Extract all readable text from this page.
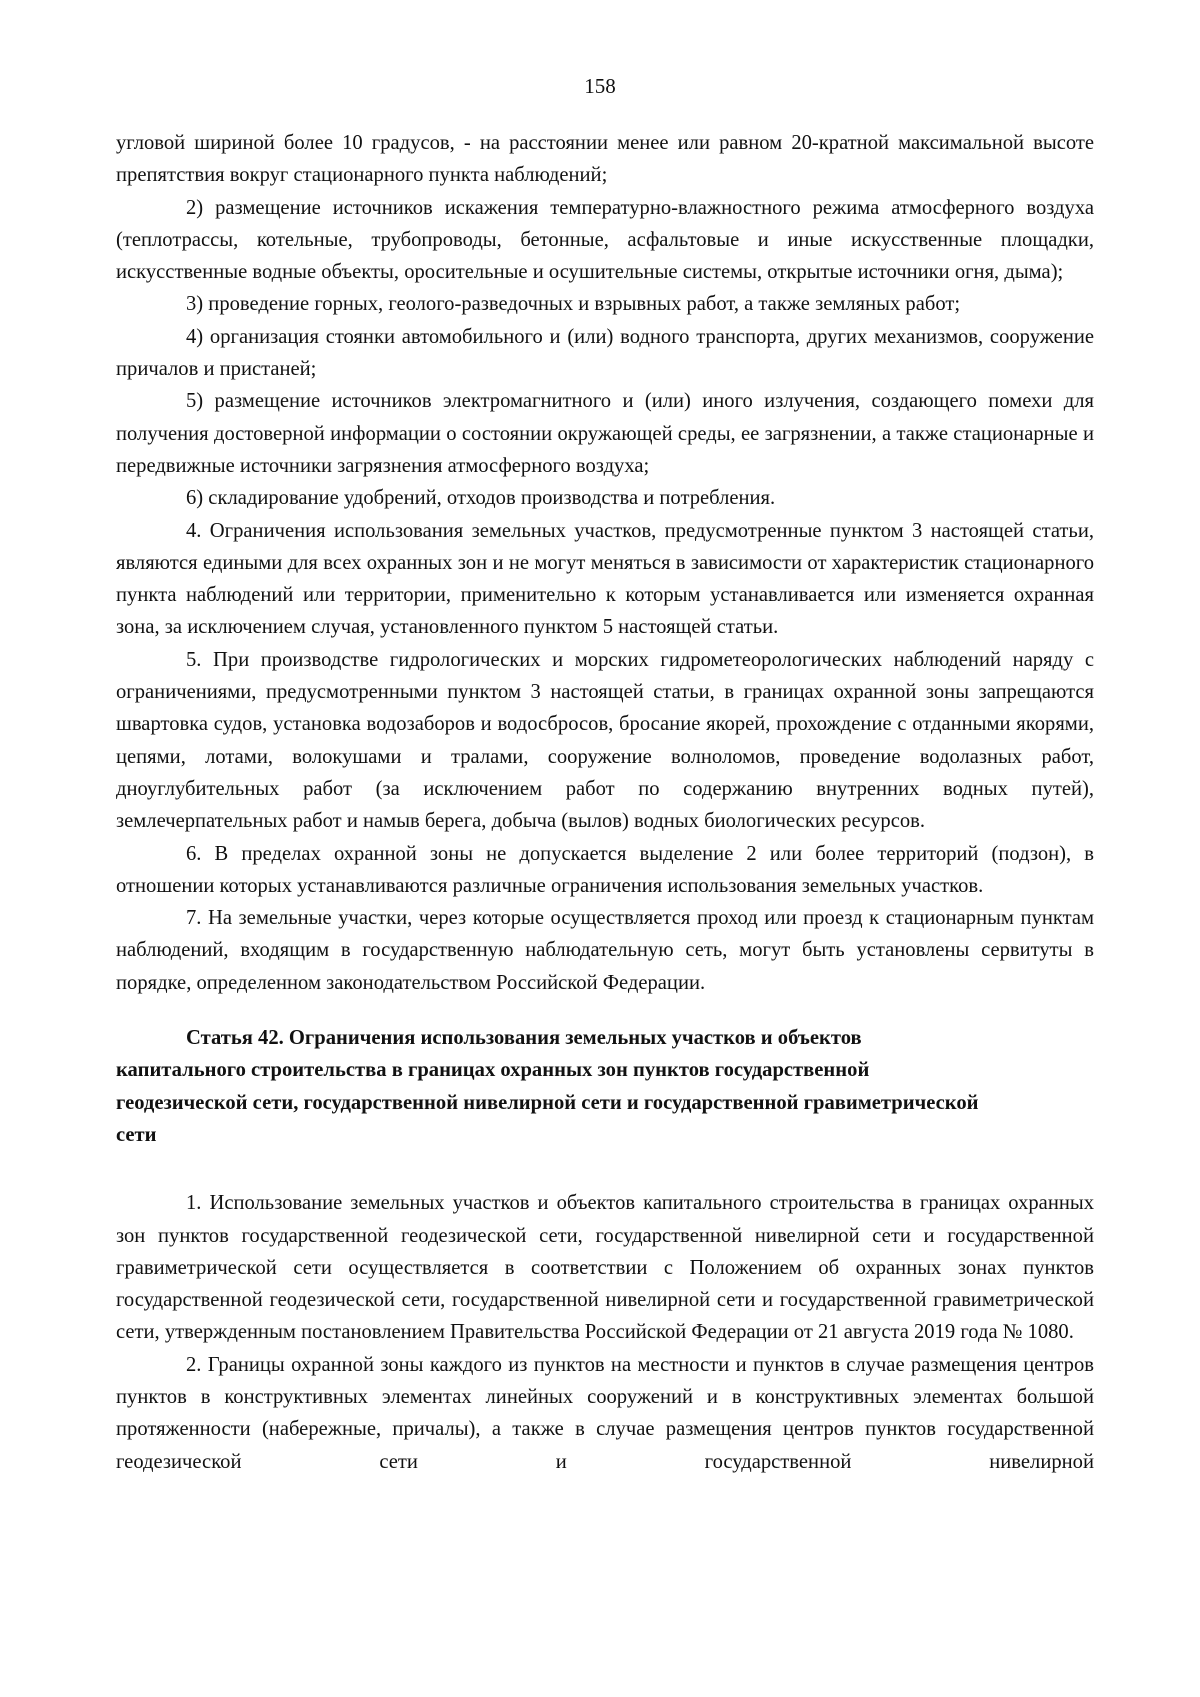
158

угловой шириной более 10 градусов, - на расстоянии менее или равном 20-кратной максимальной высоте препятствия вокруг стационарного пункта наблюдений;

2) размещение источников искажения температурно-влажностного режима атмосферного воздуха (теплотрассы, котельные, трубопроводы, бетонные, асфальтовые и иные искусственные площадки, искусственные водные объекты, оросительные и осушительные системы, открытые источники огня, дыма);

3) проведение горных, геолого-разведочных и взрывных работ, а также земляных работ;

4) организация стоянки автомобильного и (или) водного транспорта, других механизмов, сооружение причалов и пристаней;

5) размещение источников электромагнитного и (или) иного излучения, создающего помехи для получения достоверной информации о состоянии окружающей среды, ее загрязнении, а также стационарные и передвижные источники загрязнения атмосферного воздуха;

6) складирование удобрений, отходов производства и потребления.

4. Ограничения использования земельных участков, предусмотренные пунктом 3 настоящей статьи, являются едиными для всех охранных зон и не могут меняться в зависимости от характеристик стационарного пункта наблюдений или территории, применительно к которым устанавливается или изменяется охранная зона, за исключением случая, установленного пунктом 5 настоящей статьи.

5. При производстве гидрологических и морских гидрометеорологических наблюдений наряду с ограничениями, предусмотренными пунктом 3 настоящей статьи, в границах охранной зоны запрещаются швартовка судов, установка водозаборов и водосбросов, бросание якорей, прохождение с отданными якорями, цепями, лотами, волокушами и тралами, сооружение волноломов, проведение водолазных работ, дноуглубительных работ (за исключением работ по содержанию внутренних водных путей), землечерпательных работ и намыв берега, добыча (вылов) водных биологических ресурсов.

6. В пределах охранной зоны не допускается выделение 2 или более территорий (подзон), в отношении которых устанавливаются различные ограничения использования земельных участков.

7. На земельные участки, через которые осуществляется проход или проезд к стационарным пунктам наблюдений, входящим в государственную наблюдательную сеть, могут быть установлены сервитуты в порядке, определенном законодательством Российской Федерации.

Статья 42. Ограничения использования земельных участков и объектов
капитального строительства в границах охранных зон пунктов государственной
геодезической сети, государственной нивелирной сети и государственной гравиметрической
сети

1. Использование земельных участков и объектов капитального строительства в границах охранных зон пунктов государственной геодезической сети, государственной нивелирной сети и государственной гравиметрической сети осуществляется в соответствии с Положением об охранных зонах пунктов государственной геодезической сети, государственной нивелирной сети и государственной гравиметрической сети, утвержденным постановлением Правительства Российской Федерации от 21 августа 2019 года № 1080.

2. Границы охранной зоны каждого из пунктов на местности и пунктов в случае размещения центров пунктов в конструктивных элементах линейных сооружений и в конструктивных элементах большой протяженности (набережные, причалы), а также в случае размещения центров пунктов государственной геодезической сети и государственной нивелирной
